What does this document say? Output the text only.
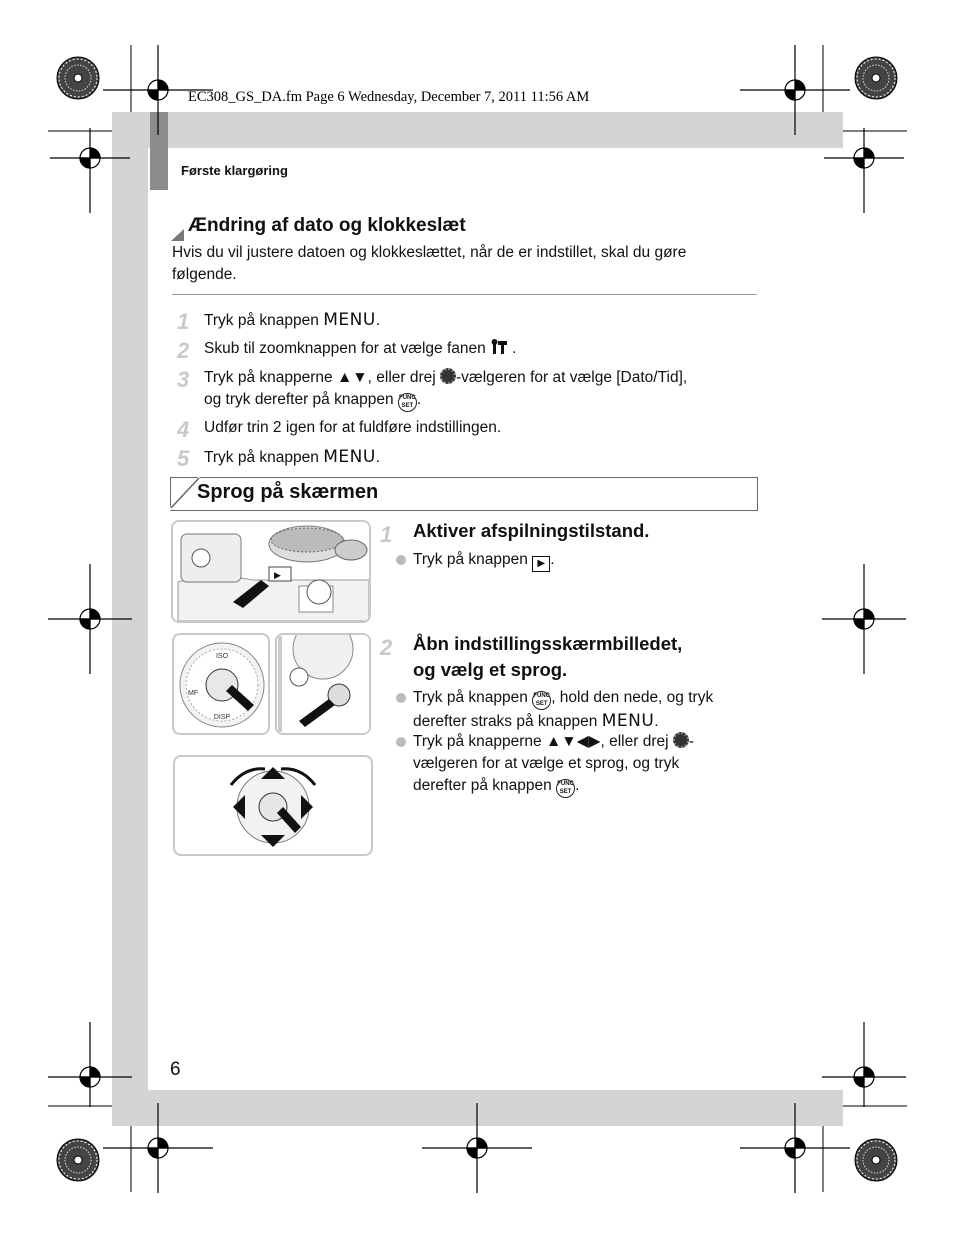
EC308_GS_DA.fm Page 6 Wednesday, December 7, 2011 11:56 AM
Første klargøring
Ændring af dato og klokkeslæt
Hvis du vil justere datoen og klokkeslættet, når de er indstillet, skal du gøre følgende.
1 Tryk på knappen MENU.
2 Skub til zoomknappen for at vælge fanen .
3 Tryk på knapperne ▲▼, eller drej -vælgeren for at vælge [Dato/Tid],
og tryk derefter på knappen FUNC
SET .
4 Udfør trin 2 igen for at fuldføre indstillingen.
5 Tryk på knappen MENU.
Sprog på skærmen
▶
ISO
DISP
MF
1 Aktiver afspilningstilstand.
Tryk på knappen ▶ .
2 Åbn indstillingsskærmbilledet,
og vælg et sprog.
Tryk på knappen FUNC
SET , hold den nede, og tryk
derefter straks på knappen MENU.
Tryk på knapperne ▲▼◀▶, eller drej -
vælgeren for at vælge et sprog, og tryk
derefter på knappen FUNC
SET .
6
